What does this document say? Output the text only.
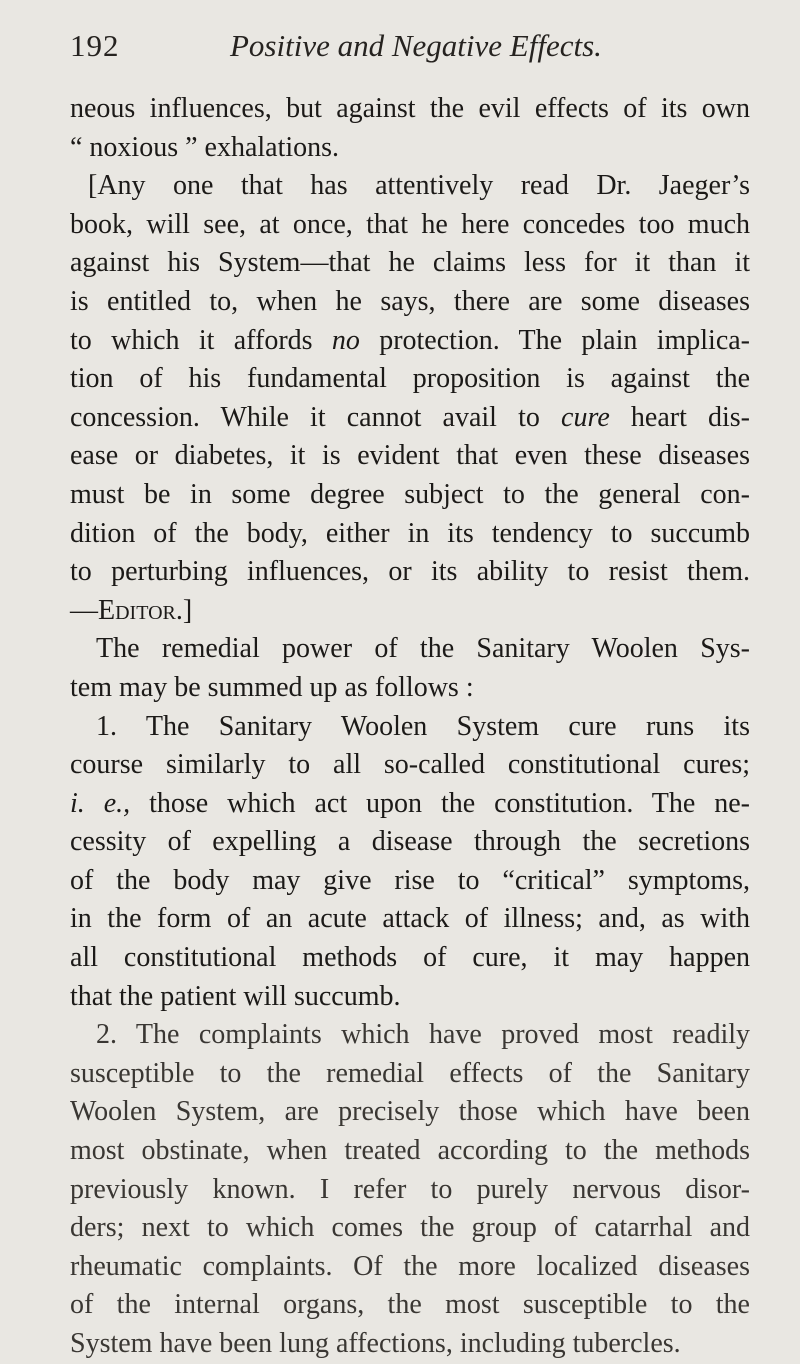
192	Positive and Negative Effects.
neous influences, but against the evil effects of its own
“ noxious ” exhalations.
[Any one that has attentively read Dr. Jaeger’s
book, will see, at once, that he here concedes too much
against his System—that he claims less for it than it
is entitled to, when he says, there are some diseases
to which it affords no protection. The plain implica-
tion of his fundamental proposition is against the
concession. While it cannot avail to cure heart dis-
ease or diabetes, it is evident that even these diseases
must be in some degree subject to the general con-
dition of the body, either in its tendency to succumb
to perturbing influences, or its ability to resist them.
—Editor.]
The remedial power of the Sanitary Woolen Sys-
tem may be summed up as follows :
1. The Sanitary Woolen System cure runs its
course similarly to all so-called constitutional cures;
i. e., those which act upon the constitution. The ne-
cessity of expelling a disease through the secretions
of the body may give rise to “critical” symptoms,
in the form of an acute attack of illness; and, as with
all constitutional methods of cure, it may happen
that the patient will succumb.
2. The complaints which have proved most readily
susceptible to the remedial effects of the Sanitary
Woolen System, are precisely those which have been
most obstinate, when treated according to the methods
previously known. I refer to purely nervous disor-
ders; next to which comes the group of catarrhal and
rheumatic complaints. Of the more localized diseases
of the internal organs, the most susceptible to the
System have been lung affections, including tubercles.
